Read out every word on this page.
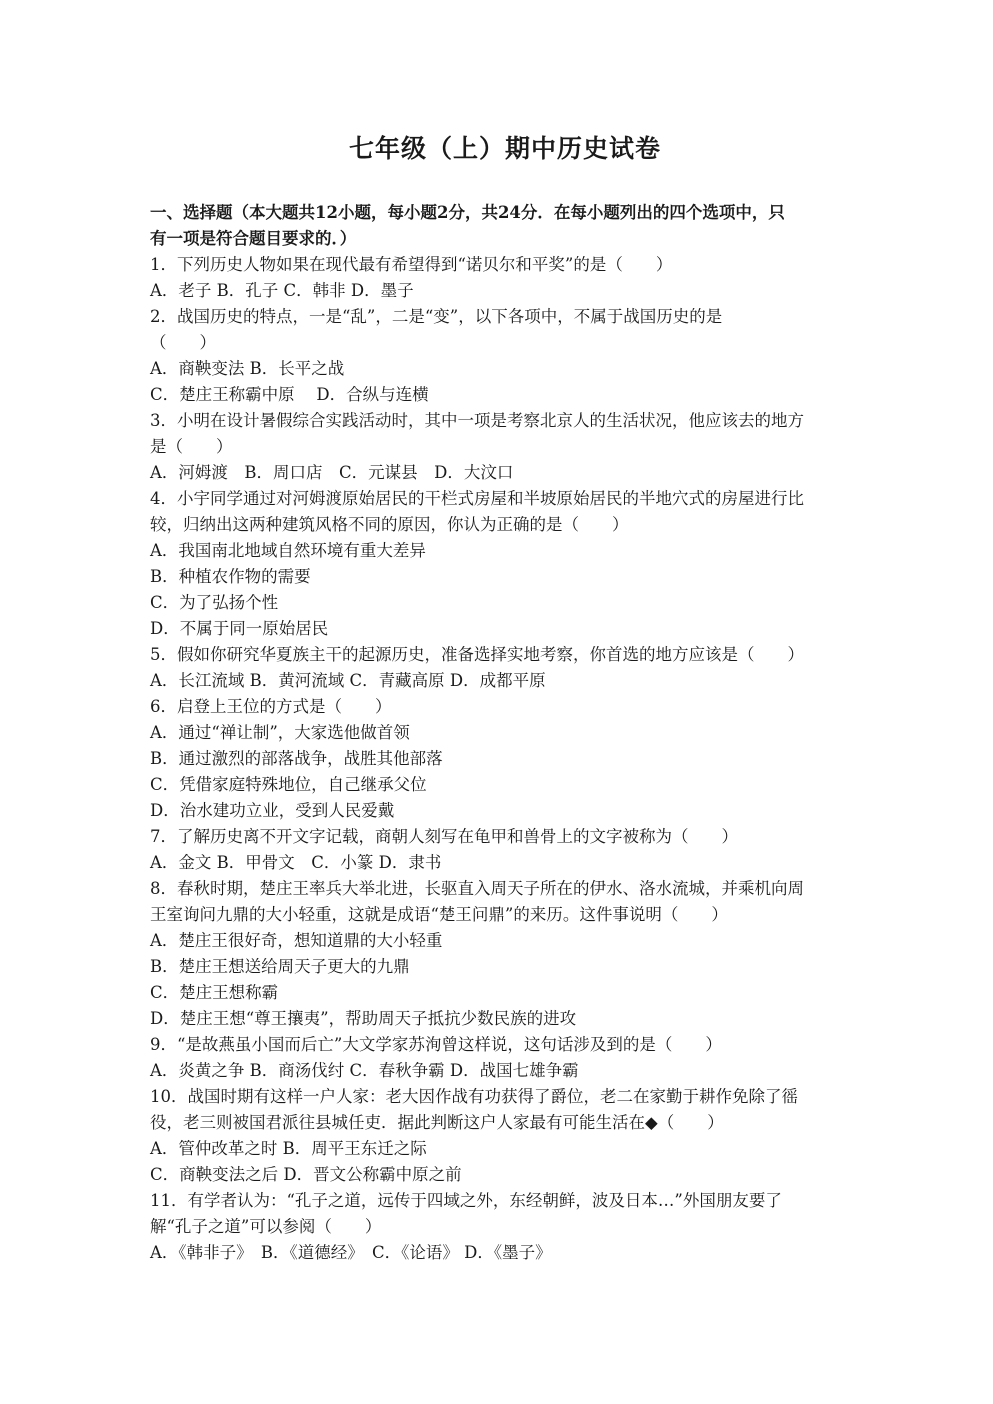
七年级（上）期中历史试卷

一、选择题（本大题共12小题，每小题2分，共24分．在每小题列出的四个选项中，只

有一项是符合题目要求的．）

1．下列历史人物如果在现代最有希望得到“诺贝尔和平奖”的是（　　）

A．老子 B．孔子 C．韩非 D．墨子

2．战国历史的特点，一是“乱”，二是“变”，以下各项中，不属于战国历史的是

（　　）

A．商鞅变法 B．长平之战

C．楚庄王称霸中原　 D．合纵与连横

3．小明在设计暑假综合实践活动时，其中一项是考察北京人的生活状况，他应该去的地方

是（　　）

A．河姆渡　B．周口店　C．元谋县　D．大汶口

4．小宇同学通过对河姆渡原始居民的干栏式房屋和半坡原始居民的半地穴式的房屋进行比

较，归纳出这两种建筑风格不同的原因，你认为正确的是（　　）

A．我国南北地域自然环境有重大差异

B．种植农作物的需要

C．为了弘扬个性

D．不属于同一原始居民

5．假如你研究华夏族主干的起源历史，准备选择实地考察，你首选的地方应该是（　　）

A．长江流域 B．黄河流域 C．青藏高原 D．成都平原

6．启登上王位的方式是（　　）

A．通过“禅让制”，大家选他做首领

B．通过激烈的部落战争，战胜其他部落

C．凭借家庭特殊地位，自己继承父位

D．治水建功立业，受到人民爱戴

7．了解历史离不开文字记载，商朝人刻写在龟甲和兽骨上的文字被称为（　　）

A．金文 B．甲骨文　C．小篆 D．隶书

8．春秋时期，楚庄王率兵大举北进，长驱直入周天子所在的伊水、洛水流城，并乘机向周

王室询问九鼎的大小轻重，这就是成语“楚王问鼎”的来历。这件事说明（　　）

A．楚庄王很好奇，想知道鼎的大小轻重

B．楚庄王想送给周天子更大的九鼎

C．楚庄王想称霸

D．楚庄王想“尊王攘夷”，帮助周天子抵抗少数民族的进攻

9．“是故燕虽小国而后亡”大文学家苏洵曾这样说，这句话涉及到的是（　　）

A．炎黄之争 B．商汤伐纣 C．春秋争霸 D．战国七雄争霸

10．战国时期有这样一户人家：老大因作战有功获得了爵位，老二在家勤于耕作免除了徭

役，老三则被国君派往县城任吏．据此判断这户人家最有可能生活在◆（　　）

A．管仲改革之时 B．周平王东迁之际

C．商鞅变法之后 D．晋文公称霸中原之前

11．有学者认为：“孔子之道，远传于四域之外，东经朝鲜，波及日本…”外国朋友要了

解“孔子之道”可以参阅（　　）

A．《韩非子》　B．《道德经》　C．《论语》 D．《墨子》
